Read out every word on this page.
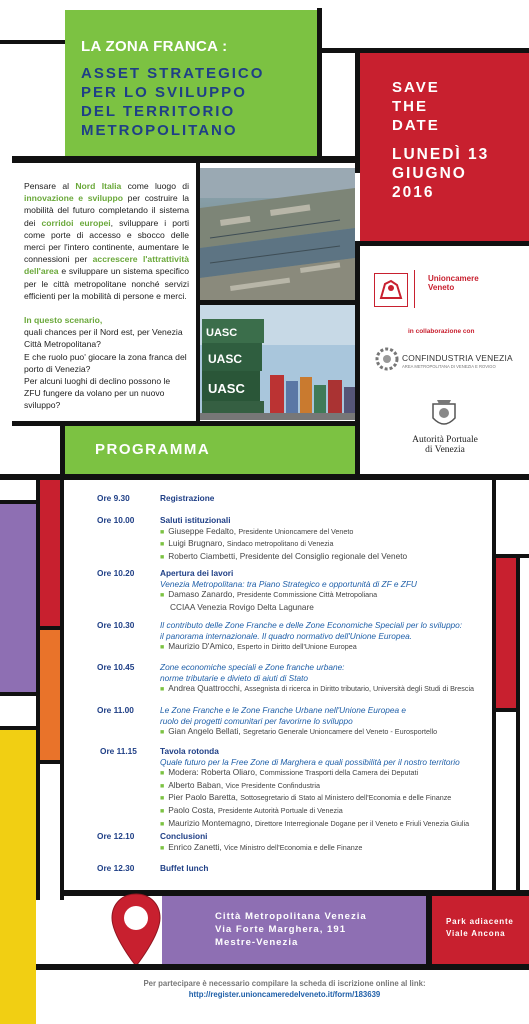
LA ZONA FRANCA :
ASSET STRATEGICO
PER LO SVILUPPO
DEL TERRITORIO
METROPOLITANO
SAVE
THE
DATE
LUNEDÌ 13
GIUGNO
2016
Pensare al Nord Italia come luogo di innovazione e sviluppo per costruire la mobilità del futuro completando il sistema dei corridoi europei, sviluppare i porti come porte di accesso e sbocco delle merci per l'intero continente, aumentare le connessioni per accrescere l'attrattività dell'area e sviluppare un sistema specifico per le città metropolitane nonché servizi efficienti per la mobilità di persone e merci.
In questo scenario,
quali chances per il Nord est, per Venezia Città Metropolitana?
E che ruolo puo' giocare la zona franca del porto di Venezia?
Per alcuni luoghi di declino possono le ZFU fungere da volano per un nuovo sviluppo?
UASC
UASC
UASC
Unioncamere
Veneto
in collaborazione con
CONFINDUSTRIA VENEZIA
AREA METROPOLITANA DI VENEZIA E ROVIGO
Autorità Portuale
di Venezia
PROGRAMMA
Ore 9.30	Registrazione
Ore 10.00	Saluti istituzionali
■ Giuseppe Fedalto, Presidente Unioncamere del Veneto
■ Luigi Brugnaro, Sindaco metropolitano di Venezia
■ Roberto Ciambetti, Presidente del Consiglio regionale del Veneto
Ore 10.20	Apertura dei lavori
Venezia Metropolitana: tra Piano Strategico e opportunità di ZF e ZFU
■ Damaso Zanardo, Presidente Commissione Città Metropoliana
CCIAA Venezia Rovigo Delta Lagunare
Ore 10.30	Il contributo delle Zone Franche e delle Zone Economiche Speciali per lo sviluppo:
il panorama internazionale. Il quadro normativo dell'Unione Europea.
■ Maurizio D'Amico, Esperto in Diritto dell'Unione Europea
Ore 10.45	Zone economiche speciali e Zone franche urbane:
norme tributarie e divieto di aiuti di Stato
■ Andrea Quattrocchi, Assegnista di ricerca in Diritto tributario, Università degli Studi di Brescia
Ore 11.00	Le Zone Franche e le Zone Franche Urbane nell'Unione Europea e
ruolo dei progetti comunitari per favorirne lo sviluppo
■ Gian Angelo Bellati, Segretario Generale Unioncamere del Veneto - Eurosportello
Ore 11.15	Tavola rotonda
Quale futuro per la Free Zone di Marghera e quali possibilità per il nostro territorio
■ Modera: Roberta Oliaro, Commissione Trasporti della Camera dei Deputati
■ Alberto Baban, Vice Presidente Confindustria
■ Pier Paolo Baretta, Sottosegretario di Stato al Ministero dell'Economia e delle Finanze
■ Paolo Costa, Presidente Autorità Portuale di Venezia
■ Maurizio Montemagno, Direttore Interregionale Dogane per il Veneto e Friuli Venezia Giulia
Ore 12.10	Conclusioni
■ Enrico Zanetti, Vice Ministro dell'Economia e delle Finanze
Ore 12.30	Buffet lunch
Città Metropolitana Venezia
Via Forte Marghera, 191
Mestre-Venezia
Park adiacente
Viale Ancona
Per partecipare è necessario compilare la scheda di iscrizione online al link:
http://register.unioncameredelveneto.it/form/183639
